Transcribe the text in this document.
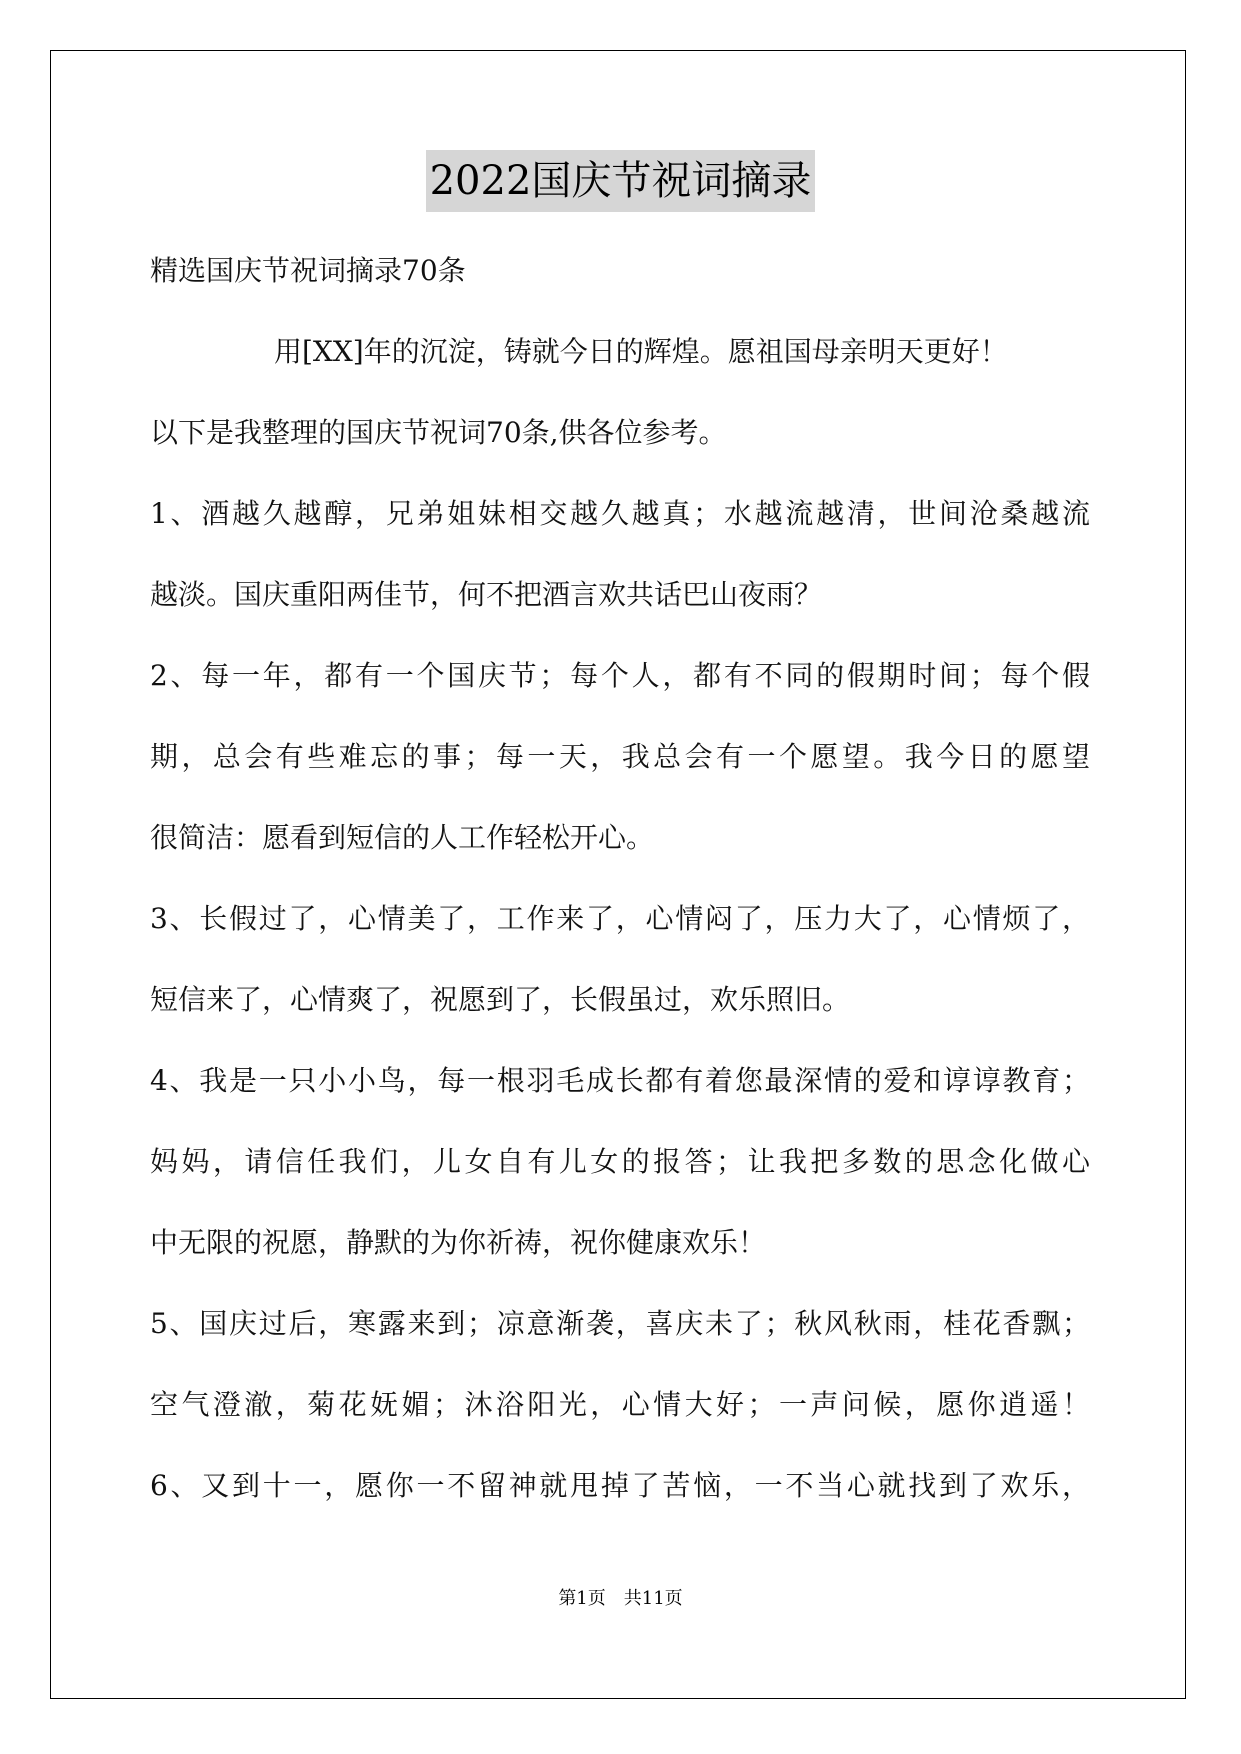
2022国庆节祝词摘录
精选国庆节祝词摘录70条
用[XX]年的沉淀，铸就今日的辉煌。愿祖国母亲明天更好！
以下是我整理的国庆节祝词70条,供各位参考。
1、酒越久越醇，兄弟姐妹相交越久越真；水越流越清，世间沧桑越流
越淡。国庆重阳两佳节，何不把酒言欢共话巴山夜雨？
2、每一年，都有一个国庆节；每个人，都有不同的假期时间；每个假
期，总会有些难忘的事；每一天，我总会有一个愿望。我今日的愿望
很简洁：愿看到短信的人工作轻松开心。
3、长假过了，心情美了，工作来了，心情闷了，压力大了，心情烦了，
短信来了，心情爽了，祝愿到了，长假虽过，欢乐照旧。
4、我是一只小小鸟，每一根羽毛成长都有着您最深情的爱和谆谆教育；
妈妈，请信任我们，儿女自有儿女的报答；让我把多数的思念化做心
中无限的祝愿，静默的为你祈祷，祝你健康欢乐！
5、国庆过后，寒露来到；凉意渐袭，喜庆未了；秋风秋雨，桂花香飘；
空气澄澈，菊花妩媚；沐浴阳光，心情大好；一声问候，愿你逍遥！
6、又到十一，愿你一不留神就甩掉了苦恼，一不当心就找到了欢乐，
第1页　共11页
